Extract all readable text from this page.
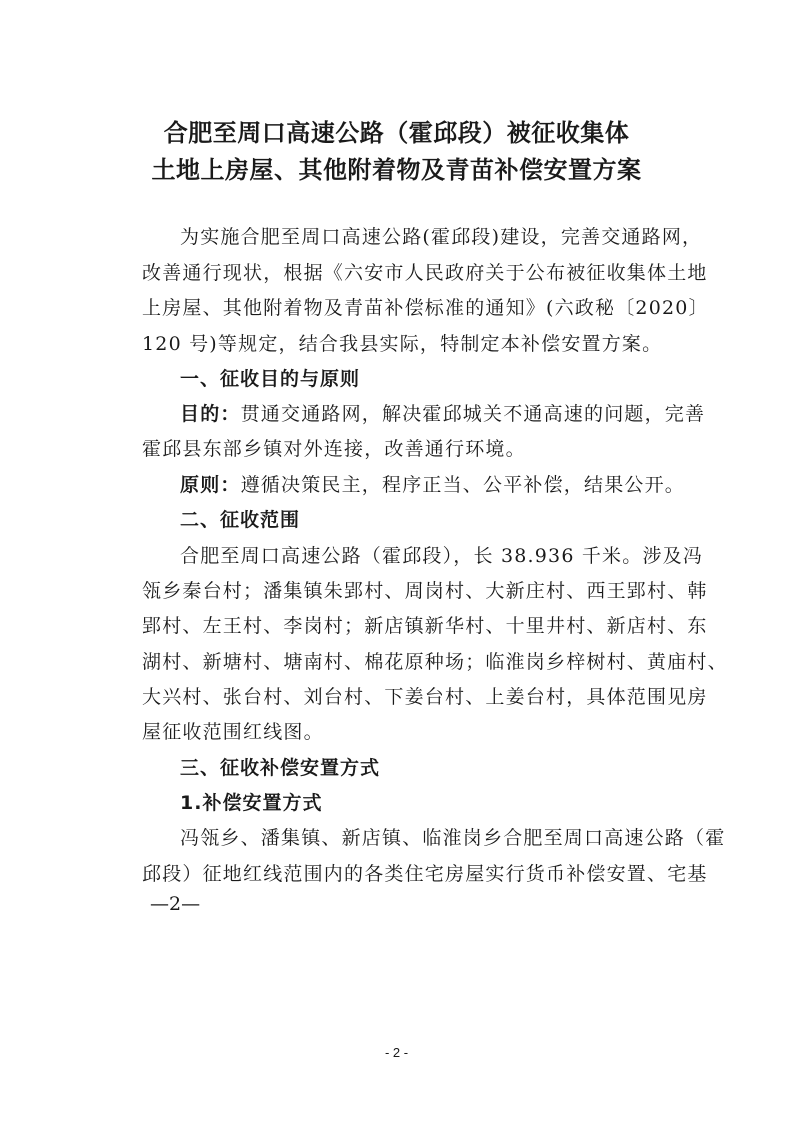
合肥至周口高速公路（霍邱段）被征收集体
土地上房屋、其他附着物及青苗补偿安置方案
为实施合肥至周口高速公路(霍邱段)建设，完善交通路网，
改善通行现状，根据《六安市人民政府关于公布被征收集体土地
上房屋、其他附着物及青苗补偿标准的通知》(六政秘〔2020〕
120 号)等规定，结合我县实际，特制定本补偿安置方案。
一、征收目的与原则
目的：贯通交通路网，解决霍邱城关不通高速的问题，完善
霍邱县东部乡镇对外连接，改善通行环境。
原则：遵循决策民主，程序正当、公平补偿，结果公开。
二、征收范围
合肥至周口高速公路（霍邱段），长 38.936 千米。涉及冯
瓴乡秦台村；潘集镇朱郢村、周岗村、大新庄村、西王郢村、韩
郢村、左王村、李岗村；新店镇新华村、十里井村、新店村、东
湖村、新塘村、塘南村、棉花原种场；临淮岗乡梓树村、黄庙村、
大兴村、张台村、刘台村、下姜台村、上姜台村，具体范围见房
屋征收范围红线图。
三、征收补偿安置方式
1.补偿安置方式
冯瓴乡、潘集镇、新店镇、临淮岗乡合肥至周口高速公路（霍
邱段）征地红线范围内的各类住宅房屋实行货币补偿安置、宅基
—2—
- 2 -
